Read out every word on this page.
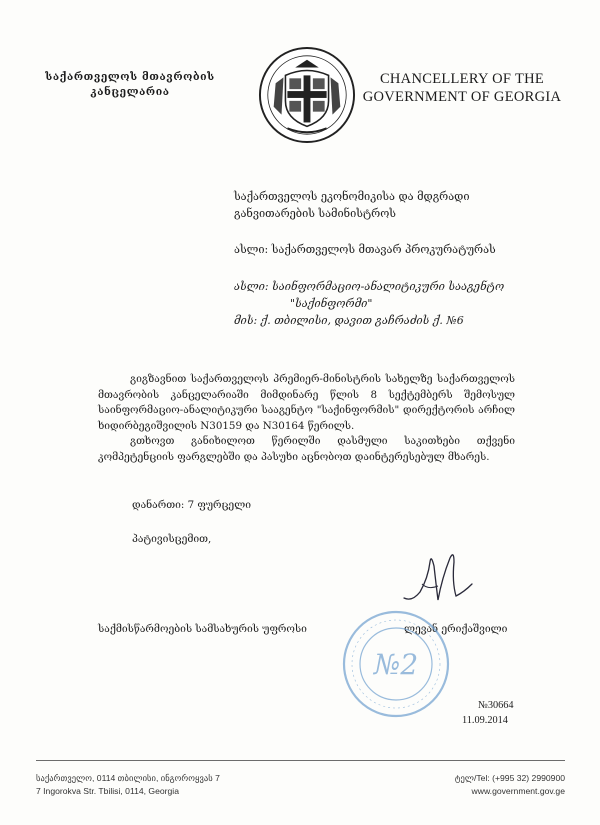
საქართველოს მთავრობის
კანცელარია
CHANCELLERY OF THE
GOVERNMENT OF GEORGIA
საქართველოს ეკონომიკისა და მდგრადი
განვითარების სამინისტროს
ასლი: საქართველოს მთავარ პროკურატურას
ასლი: საინფორმაციო-ანალიტიკური სააგენტო
"საქინფორმი"
მის: ქ. თბილისი, დავით გაჩრაძის ქ. №6

გიგზავნით საქართველოს პრემიერ-მინისტრის სახელზე საქართველოს მთავრობის კანცელარიაში მიმდინარე წლის 8 სექტემბერს შემოსულ საინფორმაციო-ანალიტიკური სააგენტო "საქინფორმის" დირექტორის არჩილ ხიდირბეგიშვილის N30159 და N30164 წერილს.

გთხოვთ განიხილოთ წერილში დასმული საკითხები თქვენი კომპეტენციის ფარგლებში და პასუხი აცნობოთ დაინტერესებულ მხარეს.

დანართი: 7 ფურცელი
პატივისცემით,
საქმისწარმოების სამსახურის უფროსი	ლევან ერიქაშვილი
№2
№30664
11.09.2014
საქართველო, 0114 თბილისი, ინგოროყვას 7
7 Ingorokva Str. Tbilisi, 0114, Georgia
ტელ/Tel: (+995 32) 2990900
www.government.gov.ge
